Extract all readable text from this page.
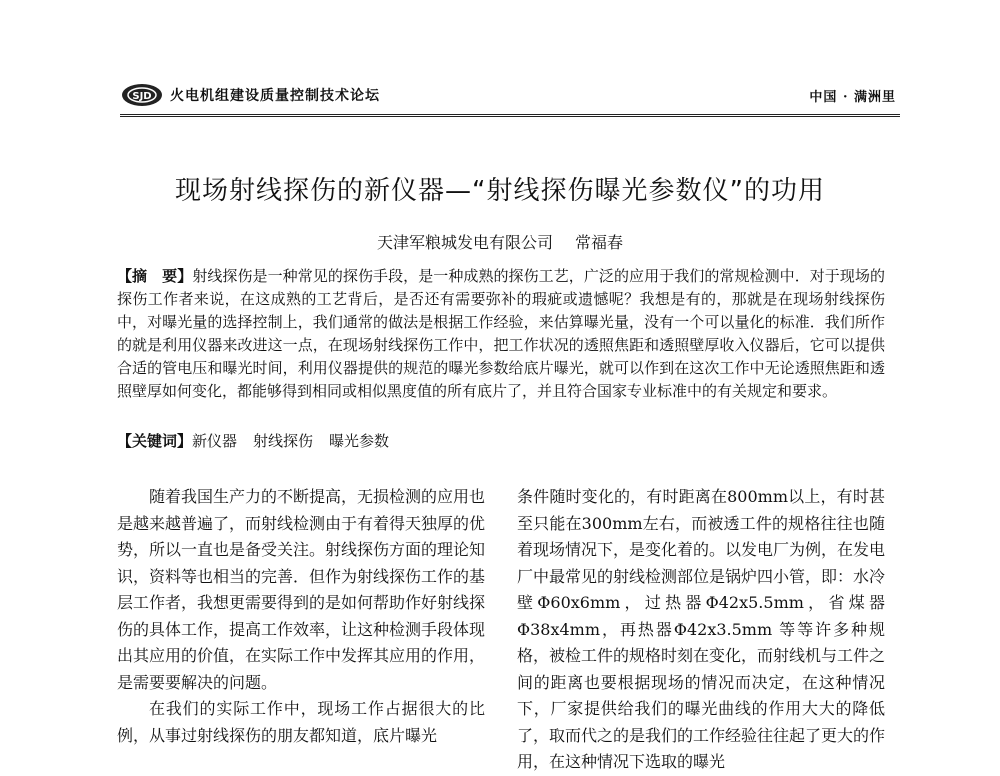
SJD 火电机组建设质量控制技术论坛	中国 · 满洲里
现场射线探伤的新仪器—“射线探伤曝光参数仪”的功用
天津军粮城发电有限公司 常福春
【摘　要】射线探伤是一种常见的探伤手段，是一种成熟的探伤工艺，广泛的应用于我们的常规检测中．对于现场的探伤工作者来说，在这成熟的工艺背后，是否还有需要弥补的瑕疵或遗憾呢？我想是有的，那就是在现场射线探伤中，对曝光量的选择控制上，我们通常的做法是根据工作经验，来估算曝光量，没有一个可以量化的标准．我们所作的就是利用仪器来改进这一点，在现场射线探伤工作中，把工作状况的透照焦距和透照壁厚收入仪器后，它可以提供合适的管电压和曝光时间，利用仪器提供的规范的曝光参数给底片曝光，就可以作到在这次工作中无论透照焦距和透照壁厚如何变化，都能够得到相同或相似黑度值的所有底片了，并且符合国家专业标准中的有关规定和要求。
【关键词】新仪器 射线探伤 曝光参数

随着我国生产力的不断提高，无损检测的应用也是越来越普遍了，而射线检测由于有着得天独厚的优势，所以一直也是备受关注。射线探伤方面的理论知识，资料等也相当的完善．但作为射线探伤工作的基层工作者，我想更需要得到的是如何帮助作好射线探伤的具体工作，提高工作效率，让这种检测手段体现出其应用的价值，在实际工作中发挥其应用的作用，是需要要解决的问题。

在我们的实际工作中，现场工作占据很大的比例，从事过射线探伤的朋友都知道，底片曝光

条件随时变化的，有时距离在800mm以上，有时甚至只能在300mm左右，而被透工件的规格往往也随着现场情况下，是变化着的。以发电厂为例，在发电厂中最常见的射线检测部位是锅炉四小管，即：水冷壁Φ60x6mm，过热器Φ42x5.5mm，省煤器Φ38x4mm，再热器Φ42x3.5mm 等等许多种规格，被检工件的规格时刻在变化，而射线机与工件之间的距离也要根据现场的情况而决定，在这种情况下，厂家提供给我们的曝光曲线的作用大大的降低了，取而代之的是我们的工作经验往往起了更大的作用，在这种情况下选取的曝光
